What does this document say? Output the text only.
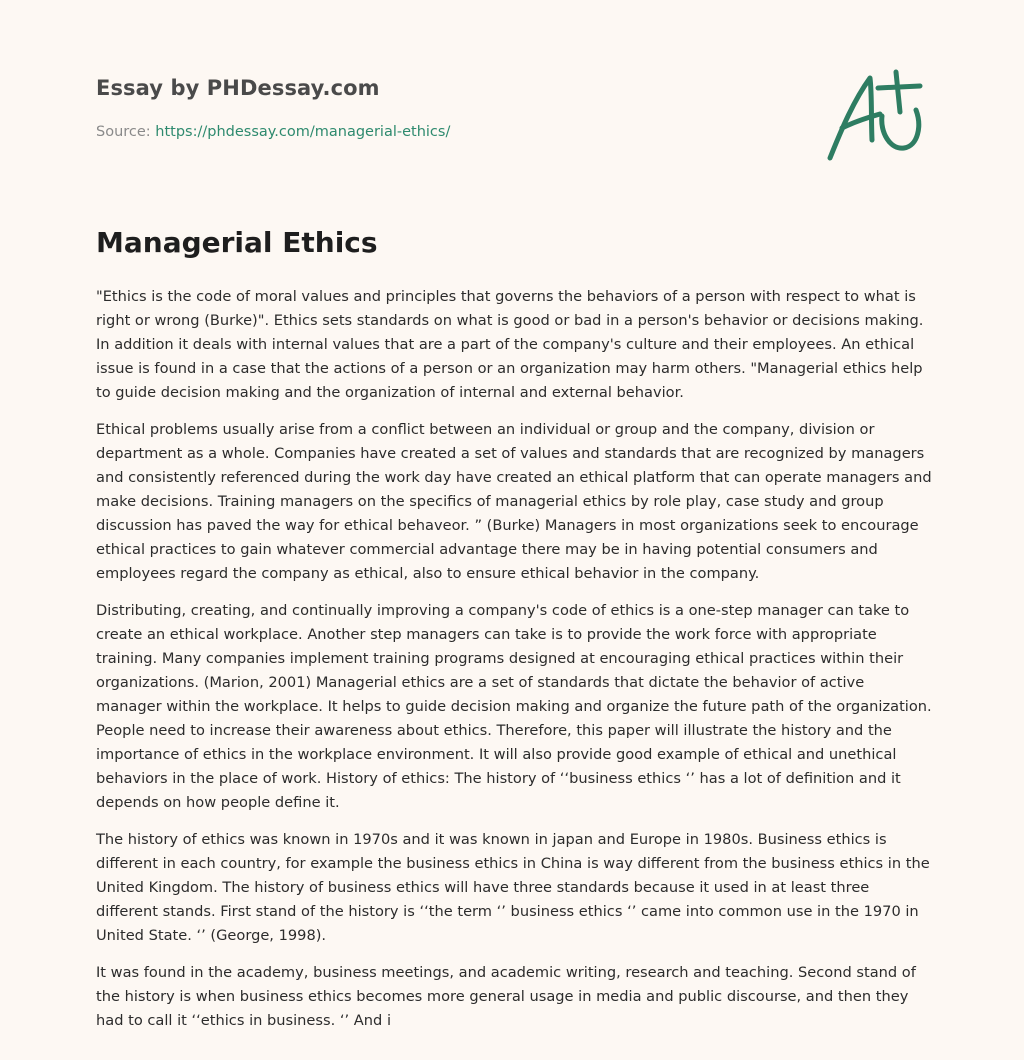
Essay by PHDessay.com
Source: https://phdessay.com/managerial-ethics/
Managerial Ethics

"Ethics is the code of moral values and principles that governs the behaviors of a person with respect to what is right or wrong (Burke)". Ethics sets standards on what is good or bad in a person's behavior or decisions making. In addition it deals with internal values that are a part of the company's culture and their employees. An ethical issue is found in a case that the actions of a person or an organization may harm others. "Managerial ethics help to guide decision making and the organization of internal and external behavior.

Ethical problems usually arise from a conflict between an individual or group and the company, division or department as a whole. Companies have created a set of values and standards that are recognized by managers and consistently referenced during the work day have created an ethical platform that can operate managers and make decisions. Training managers on the specifics of managerial ethics by role play, case study and group discussion has paved the way for ethical behaveor. ” (Burke) Managers in most organizations seek to encourage ethical practices to gain whatever commercial advantage there may be in having potential consumers and employees regard the company as ethical, also to ensure ethical behavior in the company.

Distributing, creating, and continually improving a company's code of ethics is a one-step manager can take to create an ethical workplace. Another step managers can take is to provide the work force with appropriate training. Many companies implement training programs designed at encouraging ethical practices within their organizations. (Marion, 2001) Managerial ethics are a set of standards that dictate the behavior of active manager within the workplace. It helps to guide decision making and organize the future path of the organization. People need to increase their awareness about ethics. Therefore, this paper will illustrate the history and the importance of ethics in the workplace environment. It will also provide good example of ethical and unethical behaviors in the place of work. History of ethics: The history of ‘‘business ethics ‘’ has a lot of definition and it depends on how people define it.

The history of ethics was known in 1970s and it was known in japan and Europe in 1980s. Business ethics is different in each country, for example the business ethics in China is way different from the business ethics in the United Kingdom. The history of business ethics will have three standards because it used in at least three different stands. First stand of the history is ‘‘the term ‘’ business ethics ‘’ came into common use in the 1970 in United State. ‘’ (George, 1998).

It was found in the academy, business meetings, and academic writing, research and teaching. Second stand of the history is when business ethics becomes more general usage in media and public discourse, and then they had to call it ‘‘ethics in business. ‘’ And i
